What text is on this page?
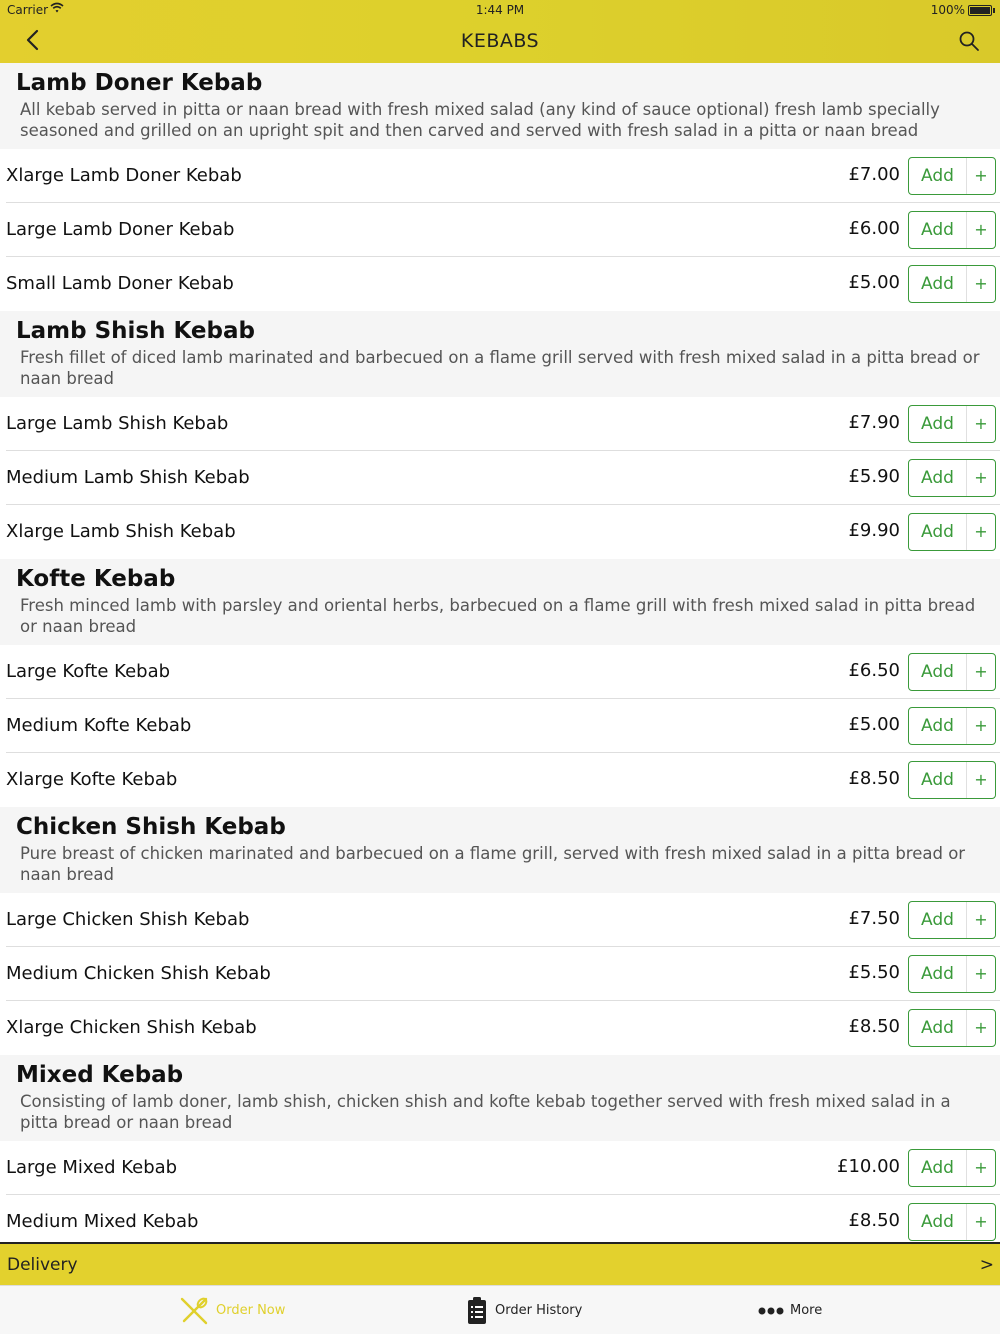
Carrier	1:44 PM	100%
KEBABS
Lamb Doner Kebab
All kebab served in pitta or naan bread with fresh mixed salad (any kind of sauce optional) fresh lamb specially seasoned and grilled on an upright spit and then carved and served with fresh salad in a pitta or naan bread
Xlarge Lamb Doner Kebab	£7.00	Add	+
Large Lamb Doner Kebab	£6.00	Add	+
Small Lamb Doner Kebab	£5.00	Add	+
Lamb Shish Kebab
Fresh fillet of diced lamb marinated and barbecued on a flame grill served with fresh mixed salad in a pitta bread or naan bread
Large Lamb Shish Kebab	£7.90	Add	+
Medium Lamb Shish Kebab	£5.90	Add	+
Xlarge Lamb Shish Kebab	£9.90	Add	+
Kofte Kebab
Fresh minced lamb with parsley and oriental herbs, barbecued on a flame grill with fresh mixed salad in pitta bread or naan bread
Large Kofte Kebab	£6.50	Add	+
Medium Kofte Kebab	£5.00	Add	+
Xlarge Kofte Kebab	£8.50	Add	+
Chicken Shish Kebab
Pure breast of chicken marinated and barbecued on a flame grill, served with fresh mixed salad in a pitta bread or naan bread
Large Chicken Shish Kebab	£7.50	Add	+
Medium Chicken Shish Kebab	£5.50	Add	+
Xlarge Chicken Shish Kebab	£8.50	Add	+
Mixed Kebab
Consisting of lamb doner, lamb shish, chicken shish and kofte kebab together served with fresh mixed salad in a pitta bread or naan bread
Large Mixed Kebab	£10.00	Add	+
Medium Mixed Kebab	£8.50	Add	+
Delivery	>
Order Now	Order History	More
